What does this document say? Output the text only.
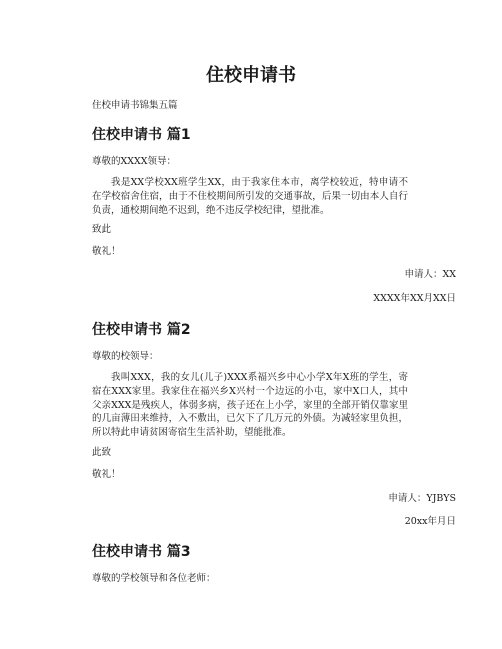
住校申请书

住校申请书锦集五篇

住校申请书 篇1

尊敬的XXXX领导：

我是XX学校XX班学生XX，由于我家住本市，离学校较近，特申请不在学校宿舍住宿，由于不住校期间所引发的交通事故，后果一切由本人自行负责，通校期间绝不迟到，绝不违反学校纪律，望批准。

致此

敬礼！

申请人：XX

XXXX年XX月XX日

住校申请书 篇2

尊敬的校领导：

我叫XXX，我的女儿(儿子)XXX系福兴乡中心小学X年X班的学生，寄宿在XXX家里。我家住在福兴乡X兴村一个边远的小屯，家中X口人，其中父亲XXX是残疾人，体弱多病，孩子还在上小学，家里的全部开销仅靠家里的几亩薄田来维持，入不敷出，已欠下了几万元的外债。为减轻家里负担，所以特此申请贫困寄宿生生活补助，望能批准。

此致

敬礼！

申请人：YJBYS

20xx年月日

住校申请书 篇3

尊敬的学校领导和各位老师：
